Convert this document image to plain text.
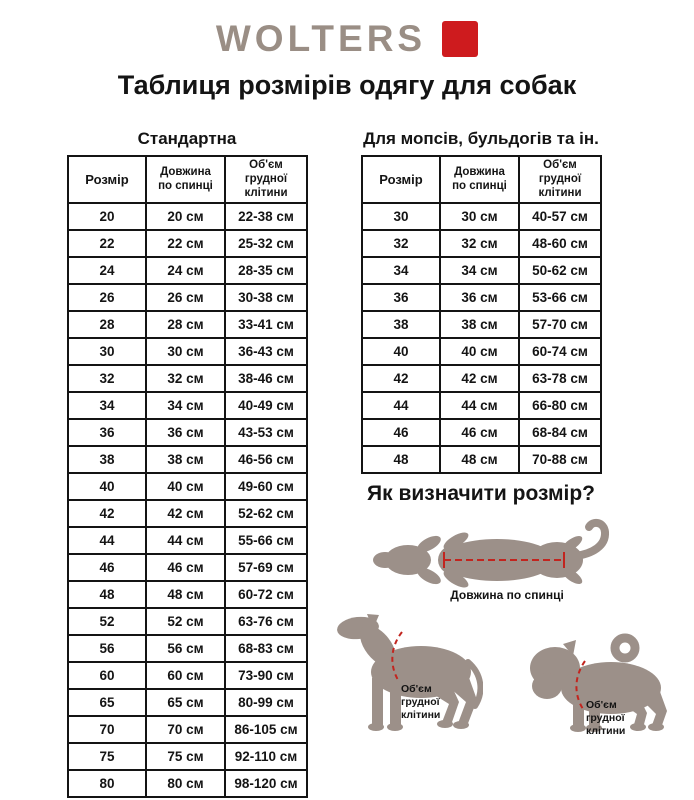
WOLTERS
Таблиця розмірів одягу для собак
Стандартна
Розмір	Довжина по спинці	Об'єм грудної клітини
20	20 см	22-38 см
22	22 см	25-32 см
24	24 см	28-35 см
26	26 см	30-38 см
28	28 см	33-41 см
30	30 см	36-43 см
32	32 см	38-46 см
34	34 см	40-49 см
36	36 см	43-53 см
38	38 см	46-56 см
40	40 см	49-60 см
42	42 см	52-62 см
44	44 см	55-66 см
46	46 см	57-69 см
48	48 см	60-72 см
52	52 см	63-76 см
56	56 см	68-83 см
60	60 см	73-90 см
65	65 см	80-99 см
70	70 см	86-105 см
75	75 см	92-110 см
80	80 см	98-120 см
Для мопсів, бульдогів та ін.
Розмір	Довжина по спинці	Об'єм грудної клітини
30	30 см	40-57 см
32	32 см	48-60 см
34	34 см	50-62 см
36	36 см	53-66 см
38	38 см	57-70 см
40	40 см	60-74 см
42	42 см	63-78 см
44	44 см	66-80 см
46	46 см	68-84 см
48	48 см	70-88 см
Як визначити розмір?
Довжина по спинці
Об'єм грудної клітини
Об'єм грудної клітини
